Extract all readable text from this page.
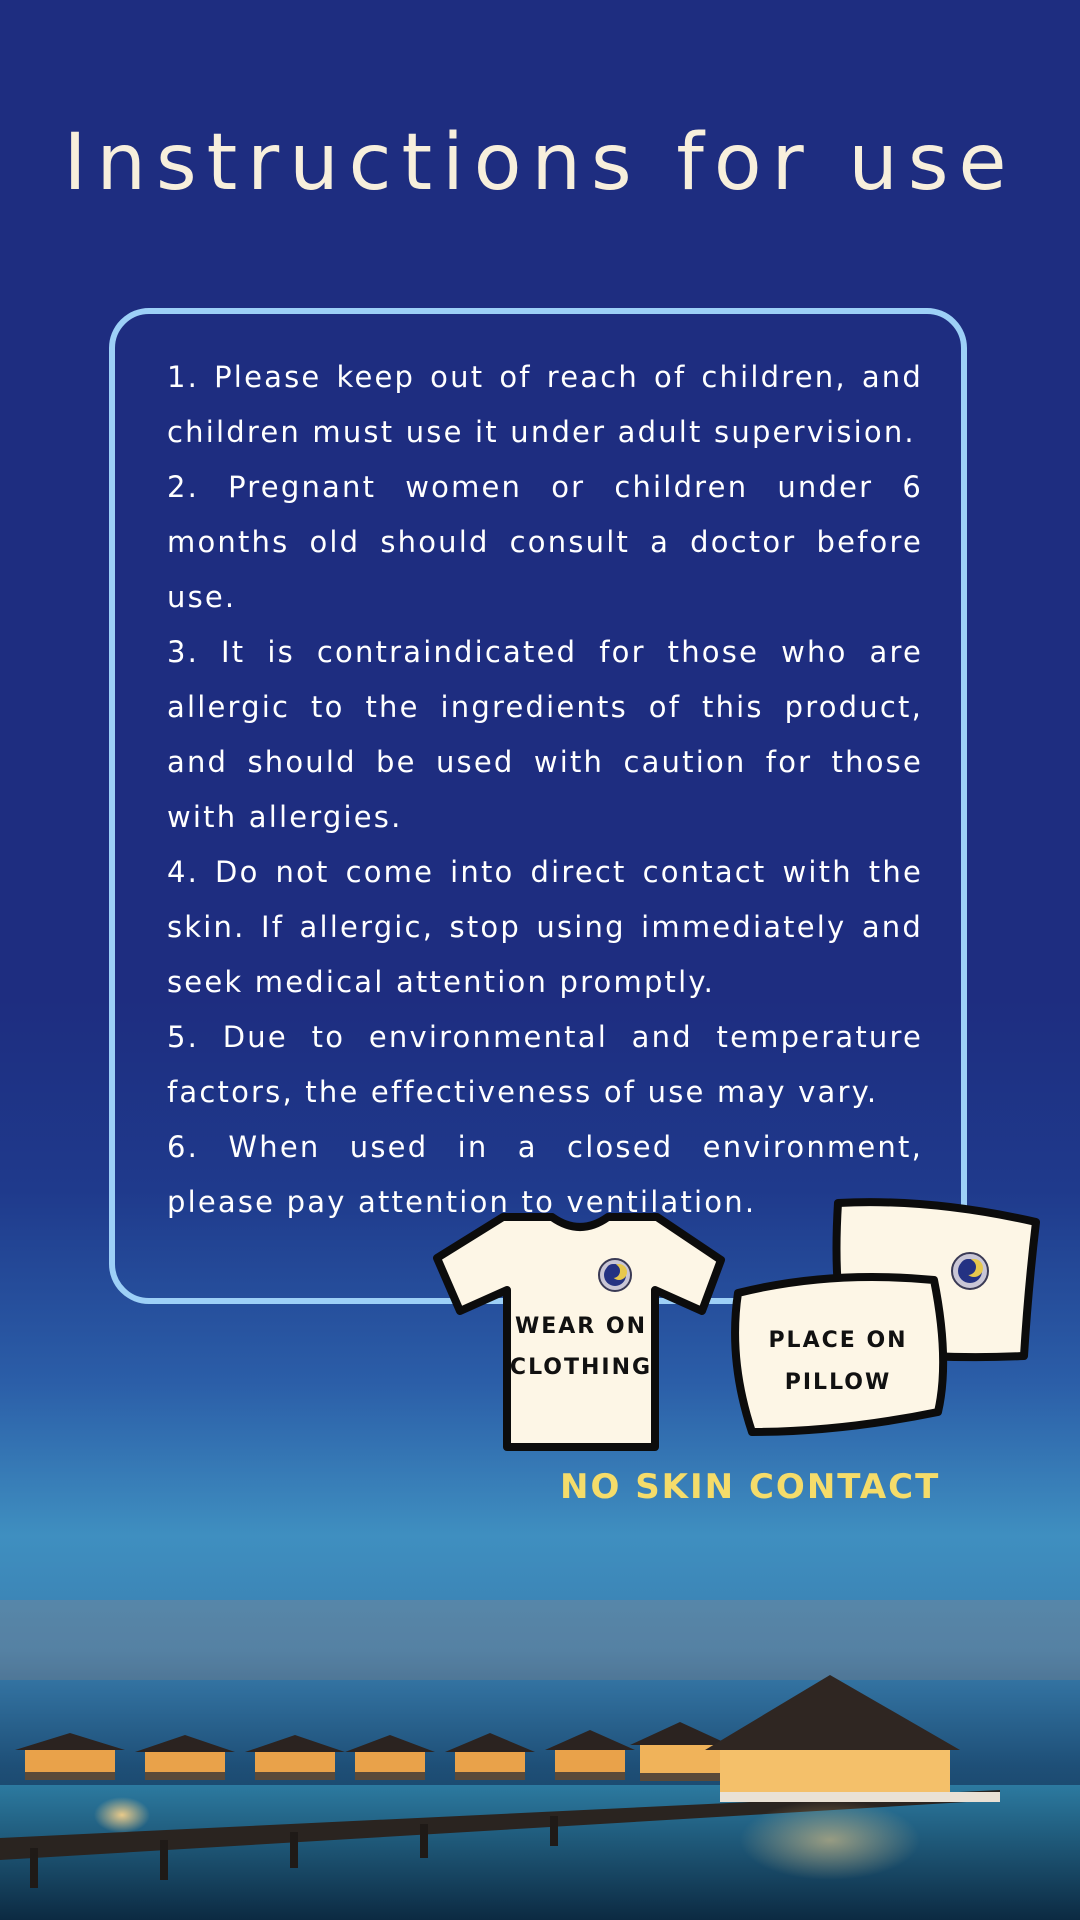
Instructions for use
1. Please keep out of reach of children, and children must use it under adult supervision.
2. Pregnant women or children under 6 months old should consult a doctor before use.
3. It is contraindicated for those who are allergic to the ingredients of this product, and should be used with caution for those with allergies.
4. Do not come into direct contact with the skin. If allergic, stop using immediately and seek medical attention promptly.
5. Due to environmental and temperature factors, the effectiveness of use may vary.
6. When used in a closed environment, please pay attention to ventilation.
WEAR ON
CLOTHING
PLACE ON
PILLOW
NO SKIN CONTACT
